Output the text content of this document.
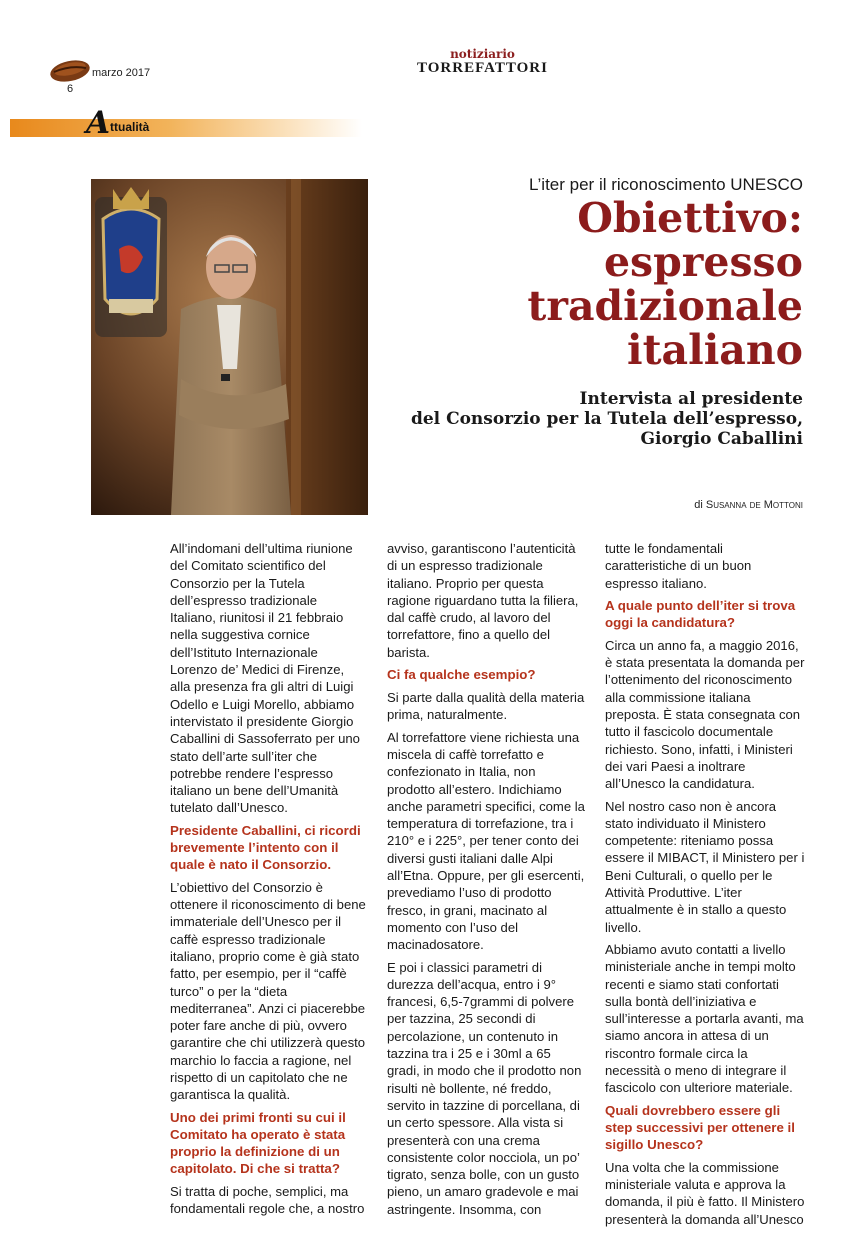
marzo 2017
6
notiziario
TORREFATTORI
A ttualità
L’iter per il riconoscimento UNESCO
Obiettivo:
espresso
tradizionale
italiano
Intervista al presidente
del Consorzio per la Tutela dell’espresso,
Giorgio Caballini
di Susanna de Mottoni

All’indomani dell’ultima riunione del Comitato scientifico del Consorzio per la Tutela dell’espresso tradizionale Italiano, riunitosi il 21 febbraio nella suggestiva cornice dell’Istituto Internazionale Lorenzo de’ Medici di Firenze, alla presenza fra gli altri di Luigi Odello e Luigi Morello, abbiamo intervistato il presidente Giorgio Caballini di Sassoferrato per uno stato dell’arte sull’iter che potrebbe rendere l’espresso italiano un bene dell’Umanità tutelato dall’Unesco.

Presidente Caballini, ci ricordi brevemente l’intento con il quale è nato il Consorzio.

L’obiettivo del Consorzio è ottenere il riconoscimento di bene immateriale dell’Unesco per il caffè espresso tradizionale italiano, proprio come è già stato fatto, per esempio, per il “caffè turco” o per la “dieta mediterranea”. Anzi ci piacerebbe poter fare anche di più, ovvero garantire che chi utilizzerà questo marchio lo faccia a ragione, nel rispetto di un capitolato che ne garantisca la qualità.

Uno dei primi fronti su cui il Comitato ha operato è stata proprio la definizione di un capitolato. Di che si tratta?

Si tratta di poche, semplici, ma fondamentali regole che, a nostro

avviso, garantiscono l’autenticità di un espresso tradizionale italiano. Proprio per questa ragione riguardano tutta la filiera, dal caffè crudo, al lavoro del torrefattore, fino a quello del barista.

Ci fa qualche esempio?

Si parte dalla qualità della materia prima, naturalmente.

Al torrefattore viene richiesta una miscela di caffè torrefatto e confezionato in Italia, non prodotto all’estero. Indichiamo anche parametri specifici, come la temperatura di torrefazione, tra i 210° e i 225°, per tener conto dei diversi gusti italiani dalle Alpi all’Etna. Oppure, per gli esercenti, prevediamo l’uso di prodotto fresco, in grani, macinato al momento con l’uso del macinadosatore.

E poi i classici parametri di durezza dell’acqua, entro i 9° francesi, 6,5-7grammi di polvere per tazzina, 25 secondi di percolazione, un contenuto in tazzina tra i 25 e i 30ml a 65 gradi, in modo che il prodotto non risulti nè bollente, né freddo, servito in tazzine di porcellana, di un certo spessore. Alla vista si presenterà con una crema consistente color nocciola, un po’ tigrato, senza bolle, con un gusto pieno, un amaro gradevole e mai astringente. Insomma, con

tutte le fondamentali caratteristiche di un buon espresso italiano.

A quale punto dell’iter si trova oggi la candidatura?

Circa un anno fa, a maggio 2016, è stata presentata la domanda per l’ottenimento del riconoscimento alla commissione italiana preposta. È stata consegnata con tutto il fascicolo documentale richiesto. Sono, infatti, i Ministeri dei vari Paesi a inoltrare all’Unesco la candidatura.

Nel nostro caso non è ancora stato individuato il Ministero competente: riteniamo possa essere il MIBACT, il Ministero per i Beni Culturali, o quello per le Attività Produttive. L’iter attualmente è in stallo a questo livello.

Abbiamo avuto contatti a livello ministeriale anche in tempi molto recenti e siamo stati confortati sulla bontà dell’iniziativa e sull’interesse a portarla avanti, ma siamo ancora in attesa di un riscontro formale circa la necessità o meno di integrare il fascicolo con ulteriore materiale.

Quali dovrebbero essere gli step successivi per ottenere il sigillo Unesco?

Una volta che la commissione ministeriale valuta e approva la domanda, il più è fatto. Il Ministero presenterà la domanda all’Unesco
